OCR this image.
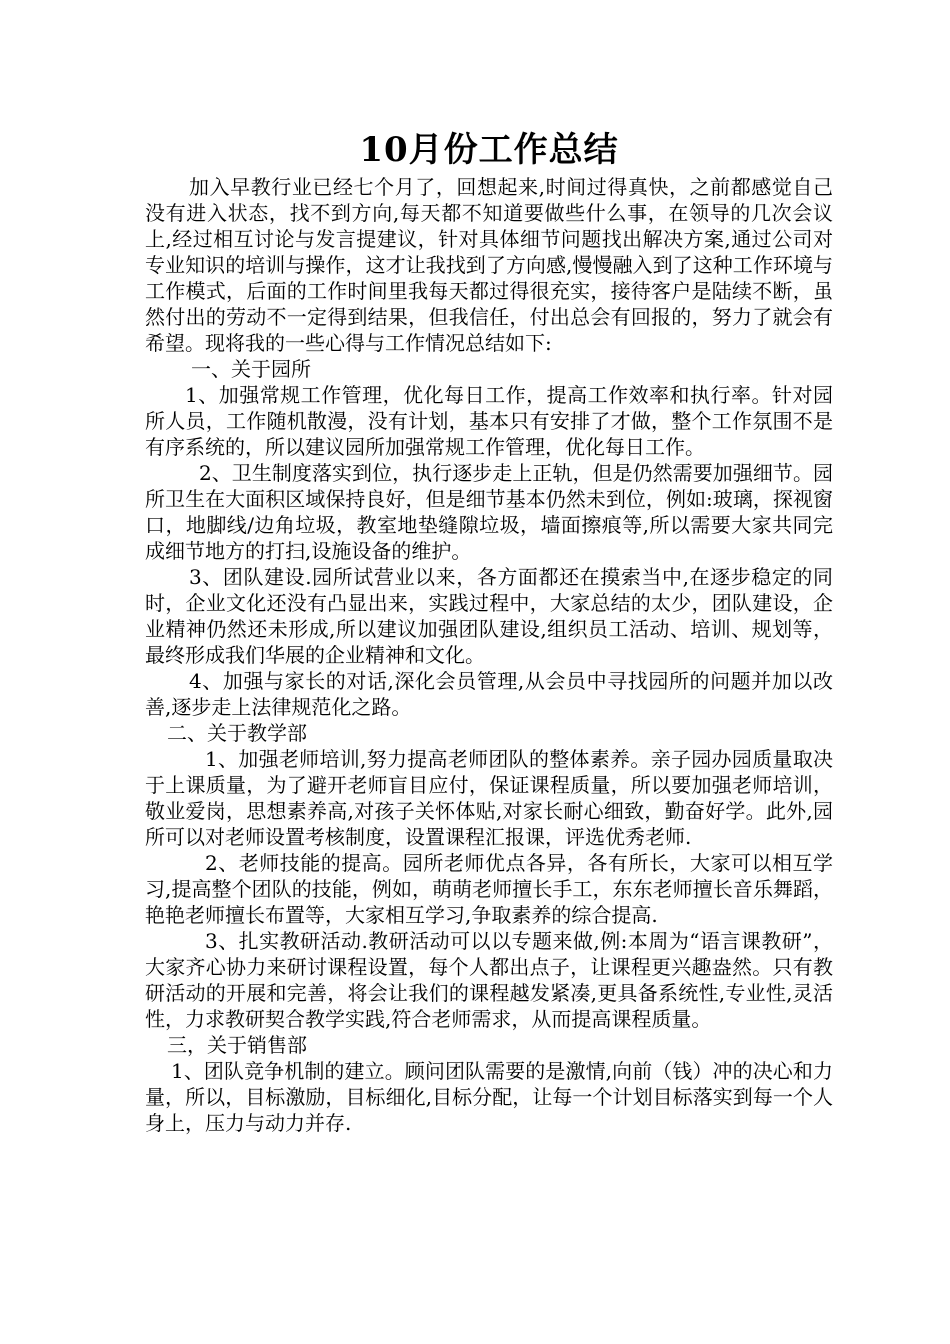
10月份工作总结

加入早教行业已经七个月了，回想起来,时间过得真快，之前都感觉自己没有进入状态，找不到方向,每天都不知道要做些什么事，在领导的几次会议上,经过相互讨论与发言提建议，针对具体细节问题找出解决方案,通过公司对专业知识的培训与操作，这才让我找到了方向感,慢慢融入到了这种工作环境与工作模式，后面的工作时间里我每天都过得很充实，接待客户是陆续不断，虽然付出的劳动不一定得到结果，但我信任，付出总会有回报的，努力了就会有希望。现将我的一些心得与工作情况总结如下:

一、关于园所

1、加强常规工作管理，优化每日工作，提高工作效率和执行率。针对园所人员，工作随机散漫，没有计划，基本只有安排了才做，整个工作氛围不是有序系统的，所以建议园所加强常规工作管理，优化每日工作。

2、卫生制度落实到位，执行逐步走上正轨，但是仍然需要加强细节。园所卫生在大面积区域保持良好，但是细节基本仍然未到位，例如:玻璃，探视窗口，地脚线/边角垃圾，教室地垫缝隙垃圾，墙面擦痕等,所以需要大家共同完成细节地方的打扫,设施设备的维护。

3、团队建设.园所试营业以来，各方面都还在摸索当中,在逐步稳定的同时，企业文化还没有凸显出来，实践过程中，大家总结的太少，团队建设，企业精神仍然还未形成,所以建议加强团队建设,组织员工活动、培训、规划等，最终形成我们华展的企业精神和文化。

4、加强与家长的对话,深化会员管理,从会员中寻找园所的问题并加以改善,逐步走上法律规范化之路。

二、关于教学部

1、加强老师培训,努力提高老师团队的整体素养。亲子园办园质量取决于上课质量，为了避开老师盲目应付，保证课程质量，所以要加强老师培训，敬业爱岗，思想素养高,对孩子关怀体贴,对家长耐心细致，勤奋好学。此外,园所可以对老师设置考核制度，设置课程汇报课，评选优秀老师.

2、老师技能的提高。园所老师优点各异，各有所长，大家可以相互学习,提高整个团队的技能，例如，萌萌老师擅长手工，东东老师擅长音乐舞蹈，艳艳老师擅长布置等，大家相互学习,争取素养的综合提高.

3、扎实教研活动.教研活动可以以专题来做,例:本周为“语言课教研”，大家齐心协力来研讨课程设置，每个人都出点子，让课程更兴趣盎然。只有教研活动的开展和完善，将会让我们的课程越发紧凑,更具备系统性,专业性,灵活性，力求教研契合教学实践,符合老师需求，从而提高课程质量。

三，关于销售部

1、团队竞争机制的建立。顾问团队需要的是激情,向前（钱）冲的决心和力量，所以，目标激励，目标细化,目标分配，让每一个计划目标落实到每一个人身上，压力与动力并存.
